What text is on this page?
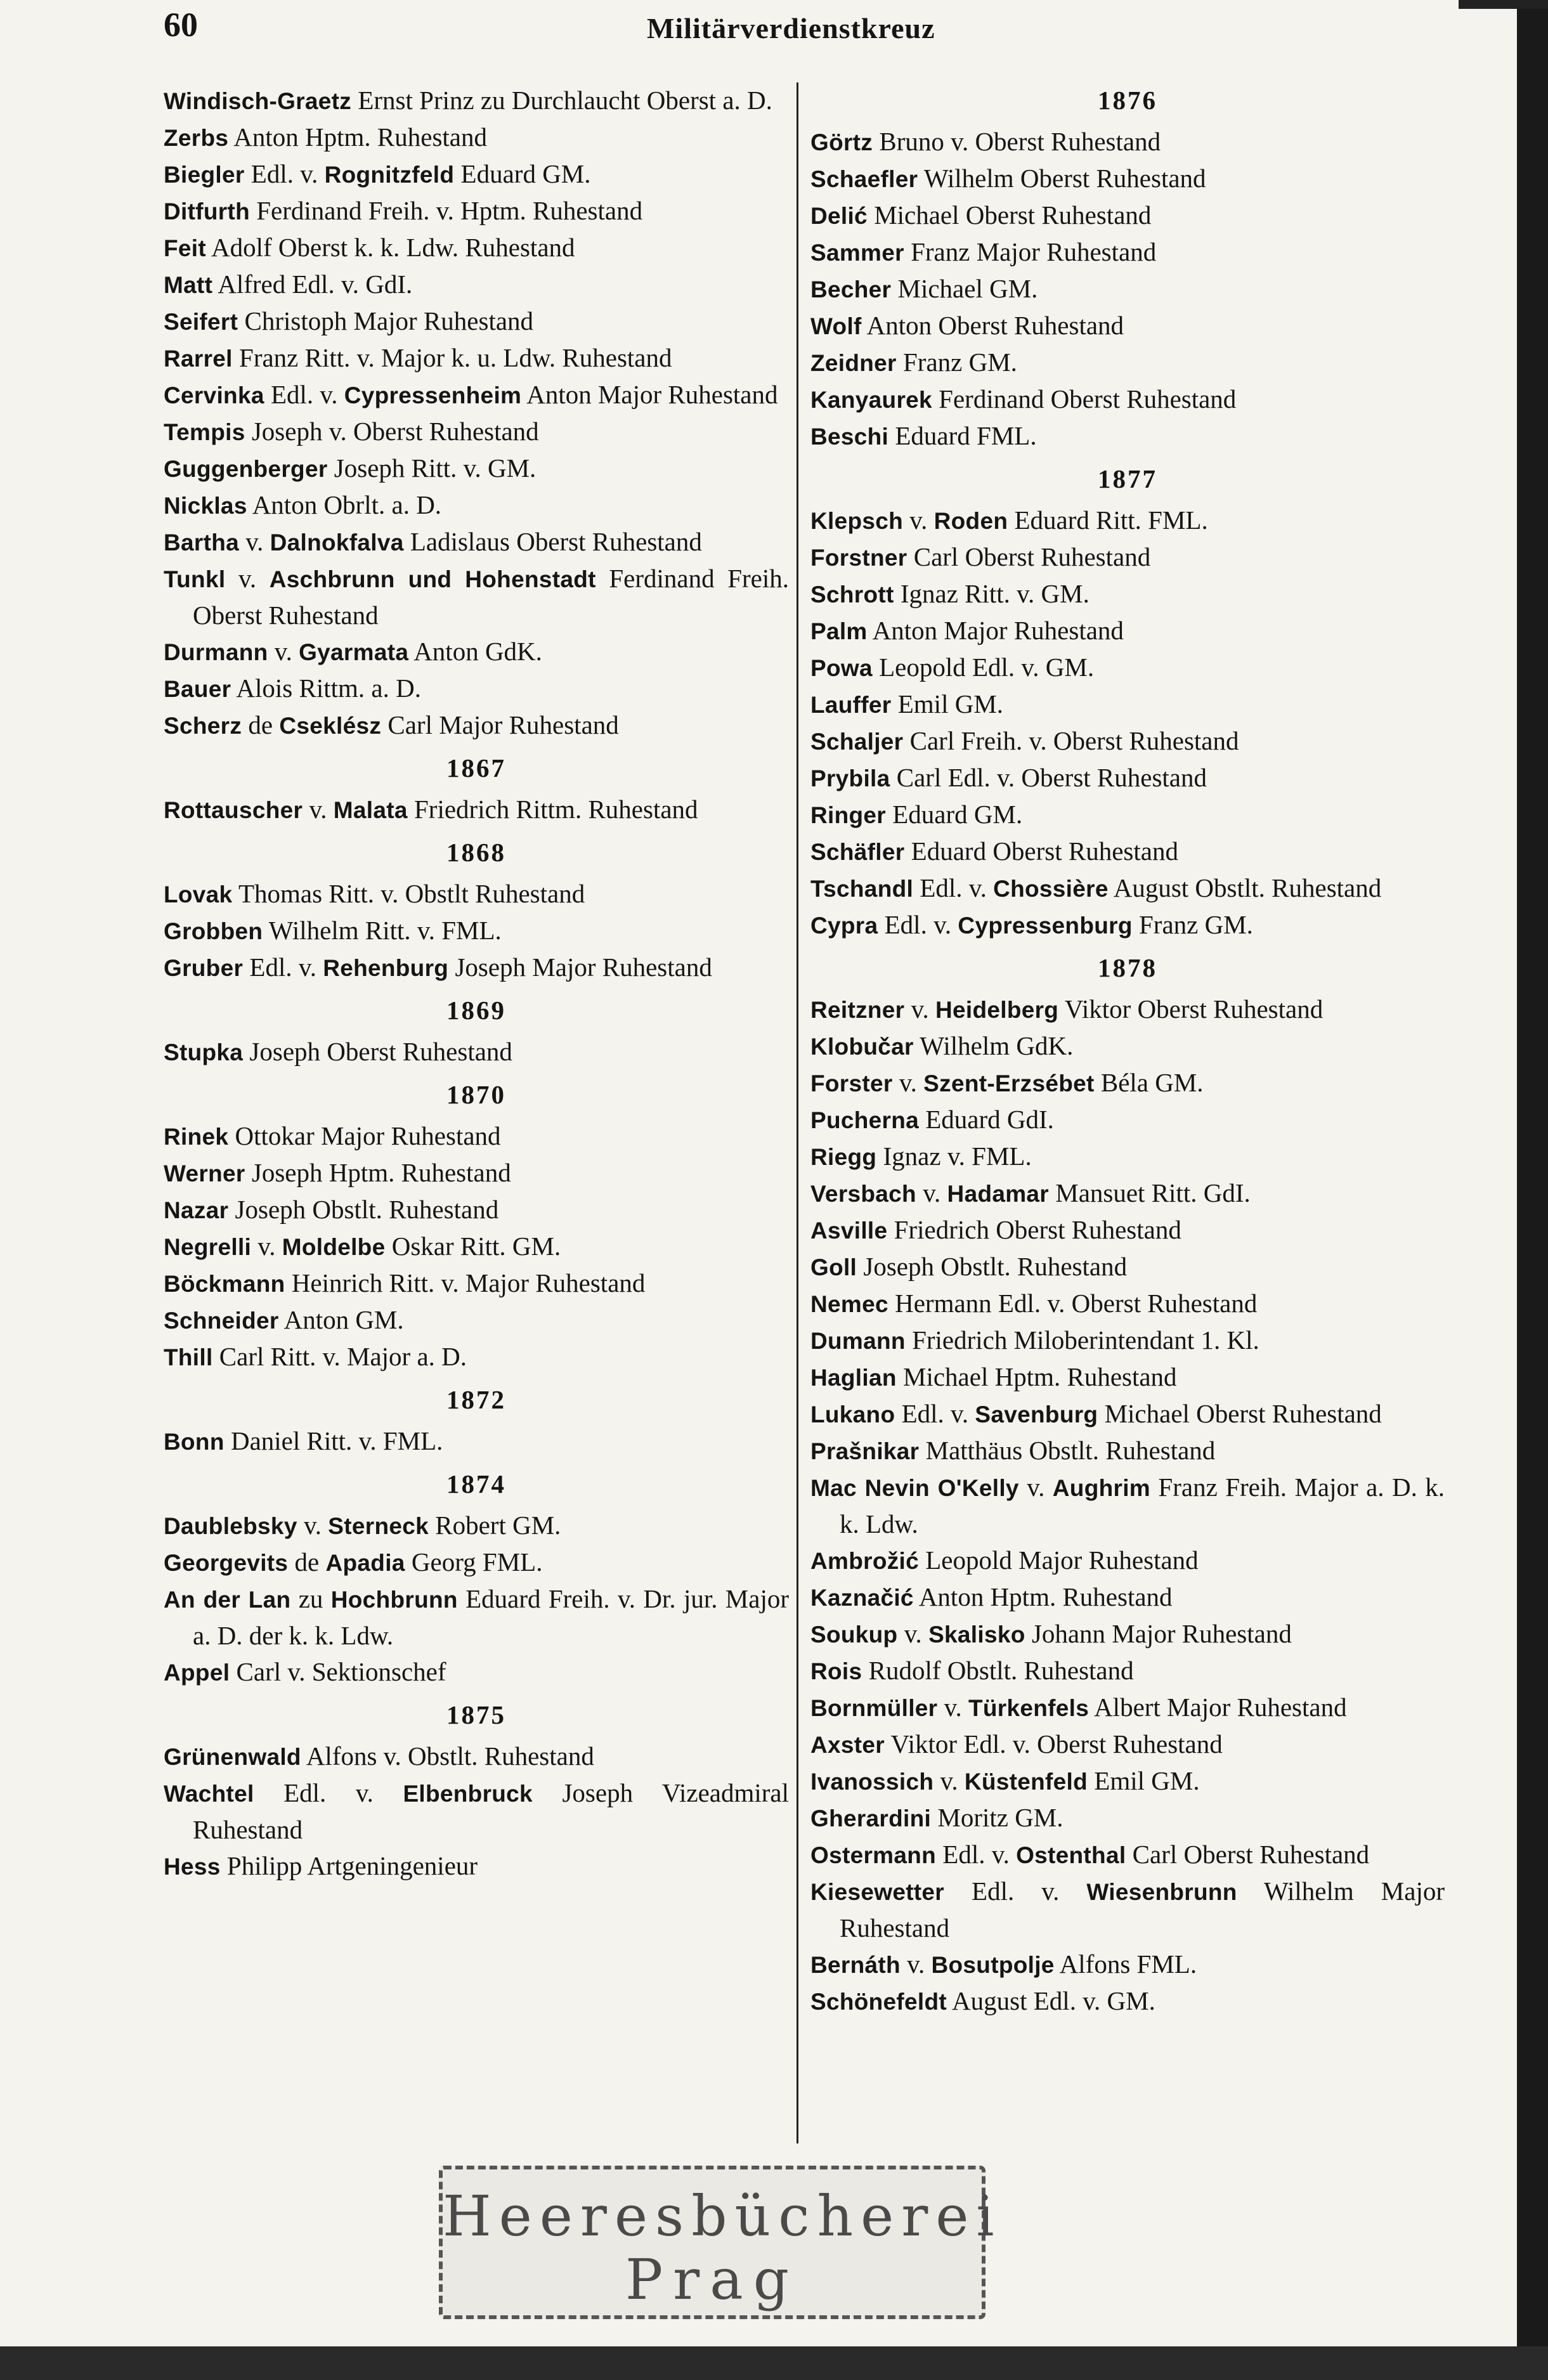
60	Militärverdienstkreuz
Windisch-Graetz Ernst Prinz zu Durchlaucht Oberst a. D.
Zerbs Anton Hptm. Ruhestand
Biegler Edl. v. Rognitzfeld Eduard GM.
Ditfurth Ferdinand Freih. v. Hptm. Ruhestand
Feit Adolf Oberst k. k. Ldw. Ruhestand
Matt Alfred Edl. v. GdI.
Seifert Christoph Major Ruhestand
Rarrel Franz Ritt. v. Major k. u. Ldw. Ruhestand
Cervinka Edl. v. Cypressenheim Anton Major Ruhestand
Tempis Joseph v. Oberst Ruhestand
Guggenberger Joseph Ritt. v. GM.
Nicklas Anton Obrlt. a. D.
Bartha v. Dalnokfalva Ladislaus Oberst Ruhestand
Tunkl v. Aschbrunn und Hohenstadt Ferdinand Freih. Oberst Ruhestand
Durmann v. Gyarmata Anton GdK.
Bauer Alois Rittm. a. D.
Scherz de Cseklész Carl Major Ruhestand
1867
Rottauscher v. Malata Friedrich Rittm. Ruhestand
1868
Lovak Thomas Ritt. v. Obstlt Ruhestand
Grobben Wilhelm Ritt. v. FML.
Gruber Edl. v. Rehenburg Joseph Major Ruhestand
1869
Stupka Joseph Oberst Ruhestand
1870
Rinek Ottokar Major Ruhestand
Werner Joseph Hptm. Ruhestand
Nazar Joseph Obstlt. Ruhestand
Negrelli v. Moldelbe Oskar Ritt. GM.
Böckmann Heinrich Ritt. v. Major Ruhestand
Schneider Anton GM.
Thill Carl Ritt. v. Major a. D.
1872
Bonn Daniel Ritt. v. FML.
1874
Daublebsky v. Sterneck Robert GM.
Georgevits de Apadia Georg FML.
An der Lan zu Hochbrunn Eduard Freih. v. Dr. jur. Major a. D. der k. k. Ldw.
Appel Carl v. Sektionschef
1875
Grünenwald Alfons v. Obstlt. Ruhestand
Wachtel Edl. v. Elbenbruck Joseph Vizeadmiral Ruhestand
Hess Philipp Artgeningenieur
1876
Görtz Bruno v. Oberst Ruhestand
Schaefler Wilhelm Oberst Ruhestand
Delić Michael Oberst Ruhestand
Sammer Franz Major Ruhestand
Becher Michael GM.
Wolf Anton Oberst Ruhestand
Zeidner Franz GM.
Kanyaurek Ferdinand Oberst Ruhestand
Beschi Eduard FML.
1877
Klepsch v. Roden Eduard Ritt. FML.
Forstner Carl Oberst Ruhestand
Schrott Ignaz Ritt. v. GM.
Palm Anton Major Ruhestand
Powa Leopold Edl. v. GM.
Lauffer Emil GM.
Schaljer Carl Freih. v. Oberst Ruhestand
Prybila Carl Edl. v. Oberst Ruhestand
Ringer Eduard GM.
Schäfler Eduard Oberst Ruhestand
Tschandl Edl. v. Chossière August Obstlt. Ruhestand
Cypra Edl. v. Cypressenburg Franz GM.
1878
Reitzner v. Heidelberg Viktor Oberst Ruhestand
Klobučar Wilhelm GdK.
Forster v. Szent-Erzsébet Béla GM.
Pucherna Eduard GdI.
Riegg Ignaz v. FML.
Versbach v. Hadamar Mansuet Ritt. GdI.
Asville Friedrich Oberst Ruhestand
Goll Joseph Obstlt. Ruhestand
Nemec Hermann Edl. v. Oberst Ruhestand
Dumann Friedrich Miloberintendant 1. Kl.
Haglian Michael Hptm. Ruhestand
Lukano Edl. v. Savenburg Michael Oberst Ruhestand
Prašnikar Matthäus Obstlt. Ruhestand
Mac Nevin O'Kelly v. Aughrim Franz Freih. Major a. D. k. k. Ldw.
Ambrožić Leopold Major Ruhestand
Kaznačić Anton Hptm. Ruhestand
Soukup v. Skalisko Johann Major Ruhestand
Rois Rudolf Obstlt. Ruhestand
Bornmüller v. Türkenfels Albert Major Ruhestand
Axster Viktor Edl. v. Oberst Ruhestand
Ivanossich v. Küstenfeld Emil GM.
Gherardini Moritz GM.
Ostermann Edl. v. Ostenthal Carl Oberst Ruhestand
Kiesewetter Edl. v. Wiesenbrunn Wilhelm Major Ruhestand
Bernáth v. Bosutpolje Alfons FML.
Schönefeldt August Edl. v. GM.
Heeresbücherei
Prag
